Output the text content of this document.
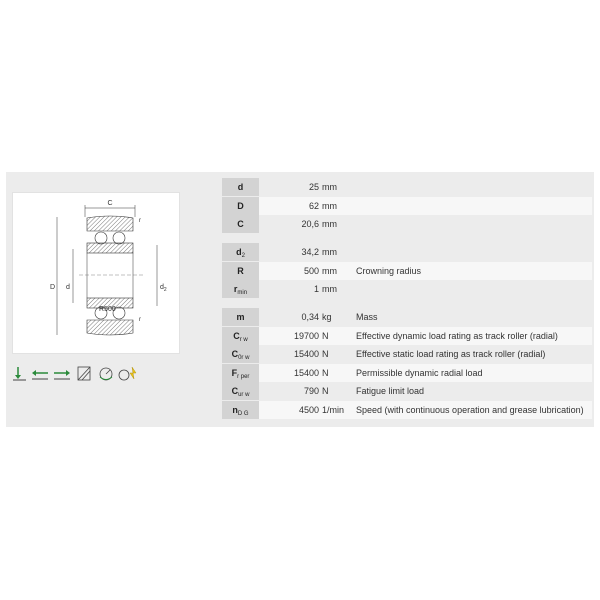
C
D d	$d_2$
R500
r
r
d	25 mm
D	62 mm
C	20,6 mm
$d_2$	34,2 mm
R	500 mm	Crowning radius
$r_{min}$	1 mm
m	0,34 kg	Mass
$C_{r w}$	19700 N	Effective dynamic load rating as track roller (radial)
$C_{0r w}$	15400 N	Effective static load rating as track roller (radial)
$F_{r per}$	15400 N	Permissible dynamic radial load
$C_{ur w}$	790 N	Fatigue limit load
$n_{D G}$	4500 1/min	Speed (with continuous operation and grease lubrication)
